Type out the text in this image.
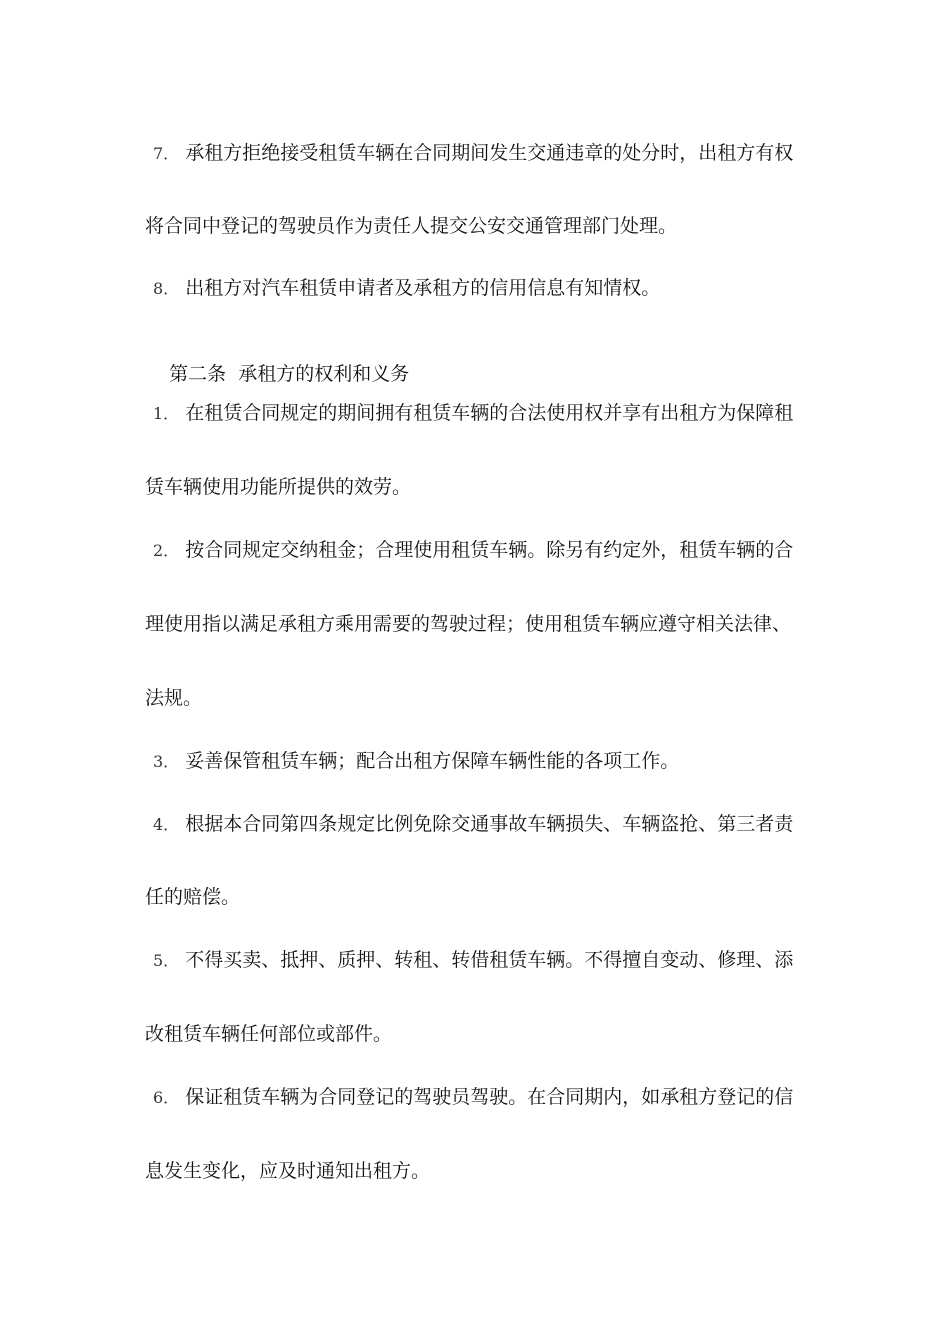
7． 承租方拒绝接受租赁车辆在合同期间发生交通违章的处分时，出租方有权
将合同中登记的驾驶员作为责任人提交公安交通管理部门处理。
8． 出租方对汽车租赁申请者及承租方的信用信息有知情权。

第二条  承租方的权利和义务

1． 在租赁合同规定的期间拥有租赁车辆的合法使用权并享有出租方为保障租
赁车辆使用功能所提供的效劳。
2． 按合同规定交纳租金；合理使用租赁车辆。除另有约定外，租赁车辆的合
理使用指以满足承租方乘用需要的驾驶过程；使用租赁车辆应遵守相关法律、
法规。
3． 妥善保管租赁车辆；配合出租方保障车辆性能的各项工作。
4． 根据本合同第四条规定比例免除交通事故车辆损失、车辆盗抢、第三者责
任的赔偿。
5． 不得买卖、抵押、质押、转租、转借租赁车辆。不得擅自变动、修理、添
改租赁车辆任何部位或部件。
6． 保证租赁车辆为合同登记的驾驶员驾驶。在合同期内，如承租方登记的信
息发生变化，应及时通知出租方。
